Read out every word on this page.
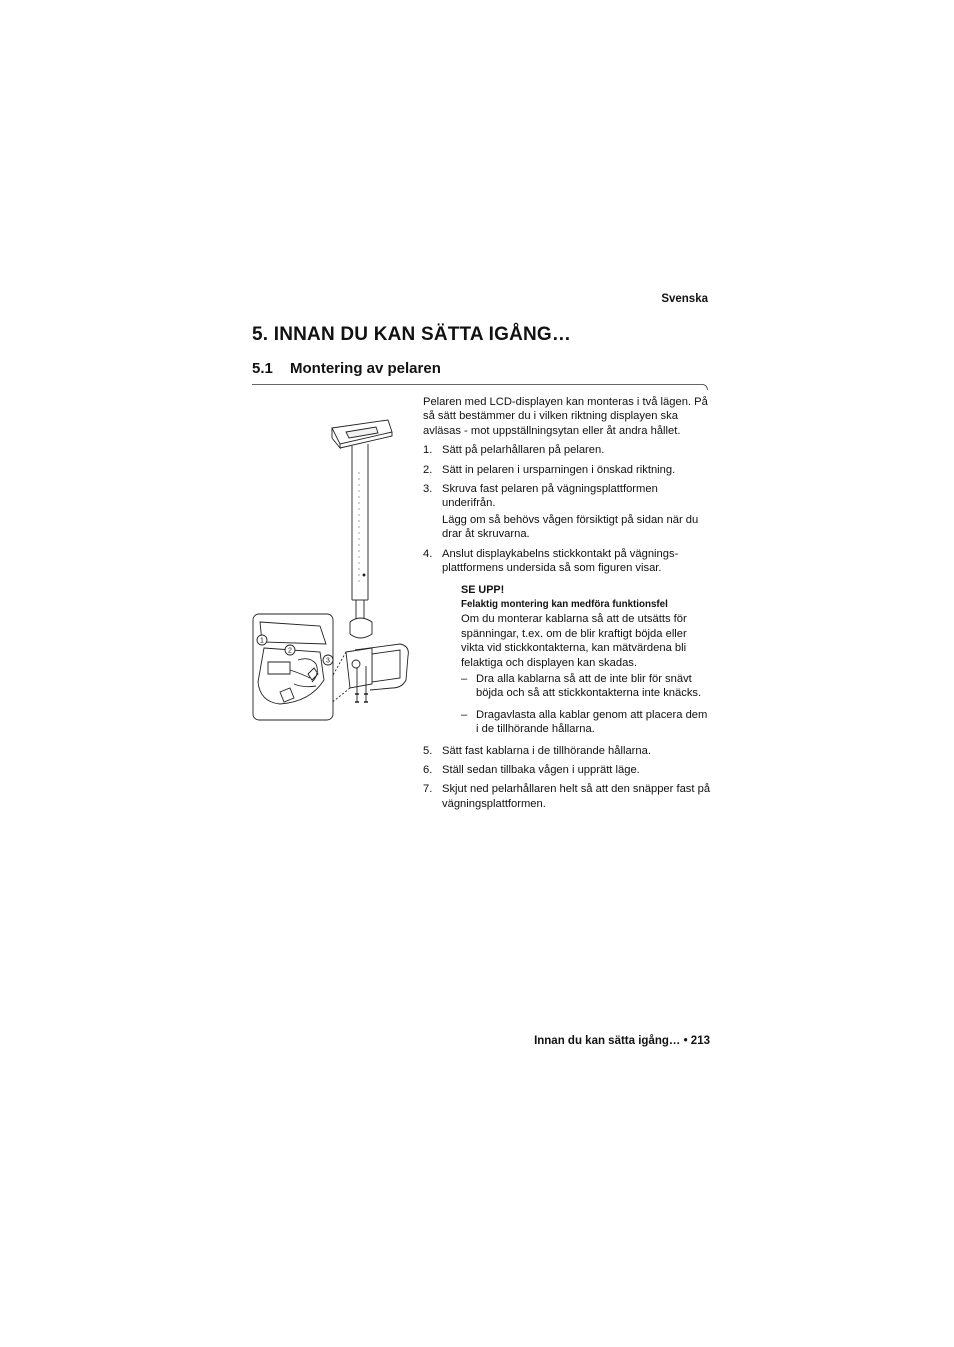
Svenska
5. INNAN DU KAN SÄTTA IGÅNG…
5.1 Montering av pelaren
1
2
3

Pelaren med LCD-displayen kan monteras i två lägen. På så sätt bestämmer du i vilken riktning displayen ska avläsas - mot uppställningsytan eller åt andra hållet.

1. Sätt på pelarhållaren på pelaren.
2. Sätt in pelaren i ursparningen i önskad riktning.
3. Skruva fast pelaren på vägningsplattformen underifrån.
Lägg om så behövs vågen försiktigt på sidan när du drar åt skruvarna.
4. Anslut displaykabelns stickkontakt på vägnings-plattformens undersida så som figuren visar.
SE UPP!
Felaktig montering kan medföra funktionsfel
Om du monterar kablarna så att de utsätts för spänningar, t.ex. om de blir kraftigt böjda eller vikta vid stickkontakterna, kan mätvärdena bli felaktiga och displayen kan skadas.
– Dra alla kablarna så att de inte blir för snävt böjda och så att stickkontakterna inte knäcks.
– Dragavlasta alla kablar genom att placera dem i de tillhörande hållarna.
5. Sätt fast kablarna i de tillhörande hållarna.
6. Ställ sedan tillbaka vågen i upprätt läge.
7. Skjut ned pelarhållaren helt så att den snäpper fast på vägningsplattformen.
Innan du kan sätta igång… • 213
